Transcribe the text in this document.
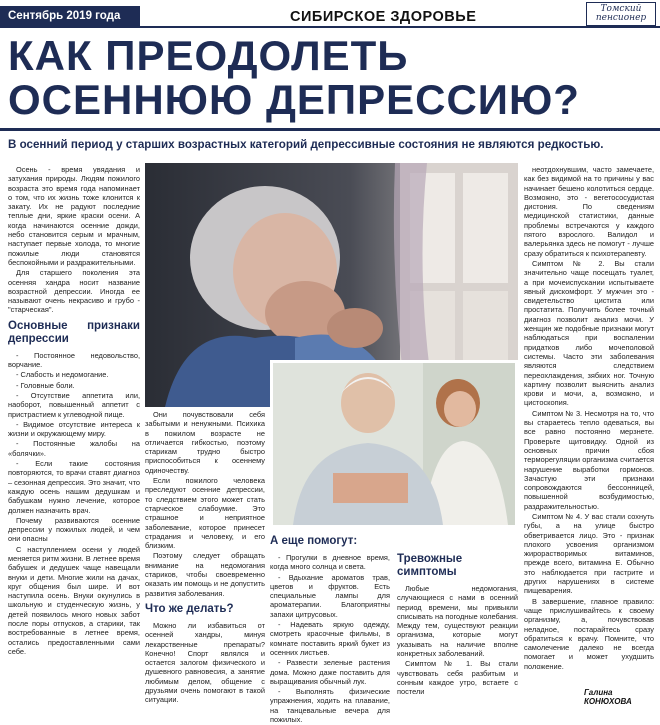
Сентябрь 2019 года	СИБИРСКОЕ ЗДОРОВЬЕ	Томский
пенсионер
КАК ПРЕОДОЛЕТЬ
ОСЕННЮЮ ДЕПРЕССИЮ?
В осенний период у старших возрастных категорий депрессивные состояния не являются редкостью.

Осень - время увядания и затухания природы. Людям пожилого возраста это время года напоминает о том, что их жизнь тоже клонится к закату. Их не радуют последние теплые дни, яркие краски осени. А когда начинаются осенние дожди, небо становится серым и мрачным, наступает первые холода, то многие пожилые люди становятся беспокойными и раздражительными.

Для старшего поколения эта осенняя хандра носит название возрастной депрессии. Иногда ее называют очень некрасиво и грубо - "старческая".

Основные признаки депрессии

- Постоянное недовольство, ворчание.

- Слабость и недомогание.

- Головные боли.

- Отсутствие аппетита или, наоборот, повышенный аппетит с пристрастием к углеводной пище.

- Видимое отсутствие интереса к жизни и окружающему миру.

- Постоянные жалобы на «болячки».

- Если такие состояния повторяются, то врачи ставят диагноз – сезонная депрессия. Это значит, что каждую осень нашим дедушкам и бабушкам нужно лечение, которое должен назначить врач.

Почему развиваются осенние депрессии у пожилых людей, и чем они опасны

С наступлением осени у людей меняется ритм жизни. В летнее время бабушек и дедушек чаще навещали внуки и дети. Многие жили на дачах, круг общения был шире. И вот наступила осень. Внуки окунулись в школьную и студенческую жизнь, у детей появилось много новых забот после поры отпусков, а старики, так востребованные в летнее время, остались предоставленными сами себе.

Они почувствовали себя забытыми и ненужными. Психика в пожилом возрасте не отличается гибкостью, поэтому старикам трудно быстро приспособиться к осеннему одиночеству.

Если пожилого человека преследуют осенние депрессии, то следствием этого может стать старческое слабоумие. Это страшное и неприятное заболевание, которое принесет страдания и человеку, и его близким.

Поэтому следует обращать внимание на недомогания стариков, чтобы своевременно оказать им помощь и не допустить развития заболевания.

Что же делать?

Можно ли избавиться от осенней хандры, минуя лекарственные препараты? Конечно! Спорт являлся и остается залогом физического и душевного равновесия, а занятие любимым делом, общение с друзьями очень помогают в такой ситуации.

А еще помогут:

- Прогулки в дневное время, когда много солнца и света.

- Вдыхание ароматов трав, цветов и фруктов. Есть специальные лампы для аромaтерапии. Благоприятны запахи цитрусовых.

- Надевать яркую одежду, смотреть красочные фильмы, в комнате поставить яркий букет из осенних листьев.

- Развести зеленые растения дома. Можно даже поставить для выращивания обычный лук.

- Выполнять физические упражнения, ходить на плавание, на танцевальные вечера для пожилых.

Тревожные симптомы

Любые недомогания, случающиеся с нами в осенний период времени, мы привыкли списывать на погодные колебания. Между тем, существуют реакции организма, которые могут указывать на наличие вполне конкретных заболеваний.

Симптом № 1. Вы стали чувствовать себя разбитым и сонным каждое утро, встаете с постели

неотдохнувшим, часто замечаете, как без видимой на то причины у вас начинает бешено колотиться сердце. Возможно, это - вегетососудистая дистония. По сведениям медицинской статистики, данные проблемы встречаются у каждого пятого взрослого. Валидол и валерьянка здесь не помогут - лучше сразу обратиться к психотерапевту.

Симптом № 2. Вы стали значительно чаще посещать туалет, а при мочеиспускании испытываете явный дискомфорт. У мужчин это - свидетельство цистита или простатита. Получить более точный диагноз позволит анализ мочи. У женщин же подобные признаки могут наблюдаться при воспалении придатков либо мочеполовой системы. Часто эти заболевания являются следствием переохлаждения, зябких ног. Точную картину позволит выяснить анализ крови и мочи, а, возможно, и цистоскопия.

Симптом № 3. Несмотря на то, что вы стараетесь тепло одеваться, вы все равно постоянно мерзнете. Проверьте щитовидку. Одной из основных причин сбоя терморегуляции организма считается нарушение выработки гормонов. Зачастую эти признаки сопровождаются бессонницей, повышенной возбудимостью, раздражительностью.

Симптом № 4. У вас стали сохнуть губы, а на улице быстро обветривается лицо. Это - признак плохого усвоения организмом жирорастворимых витаминов, прежде всего, витамина Е. Обычно это наблюдается при гастрите и других нарушениях в системе пищеварения.

В завершение, главное правило: чаще прислушивайтесь к своему организму, а, почувствовав неладное, постарайтесь сразу обратиться к врачу. Помните, что самолечение далеко не всегда помогает и может ухудшить положение.

Галина КОНЮХОВА
